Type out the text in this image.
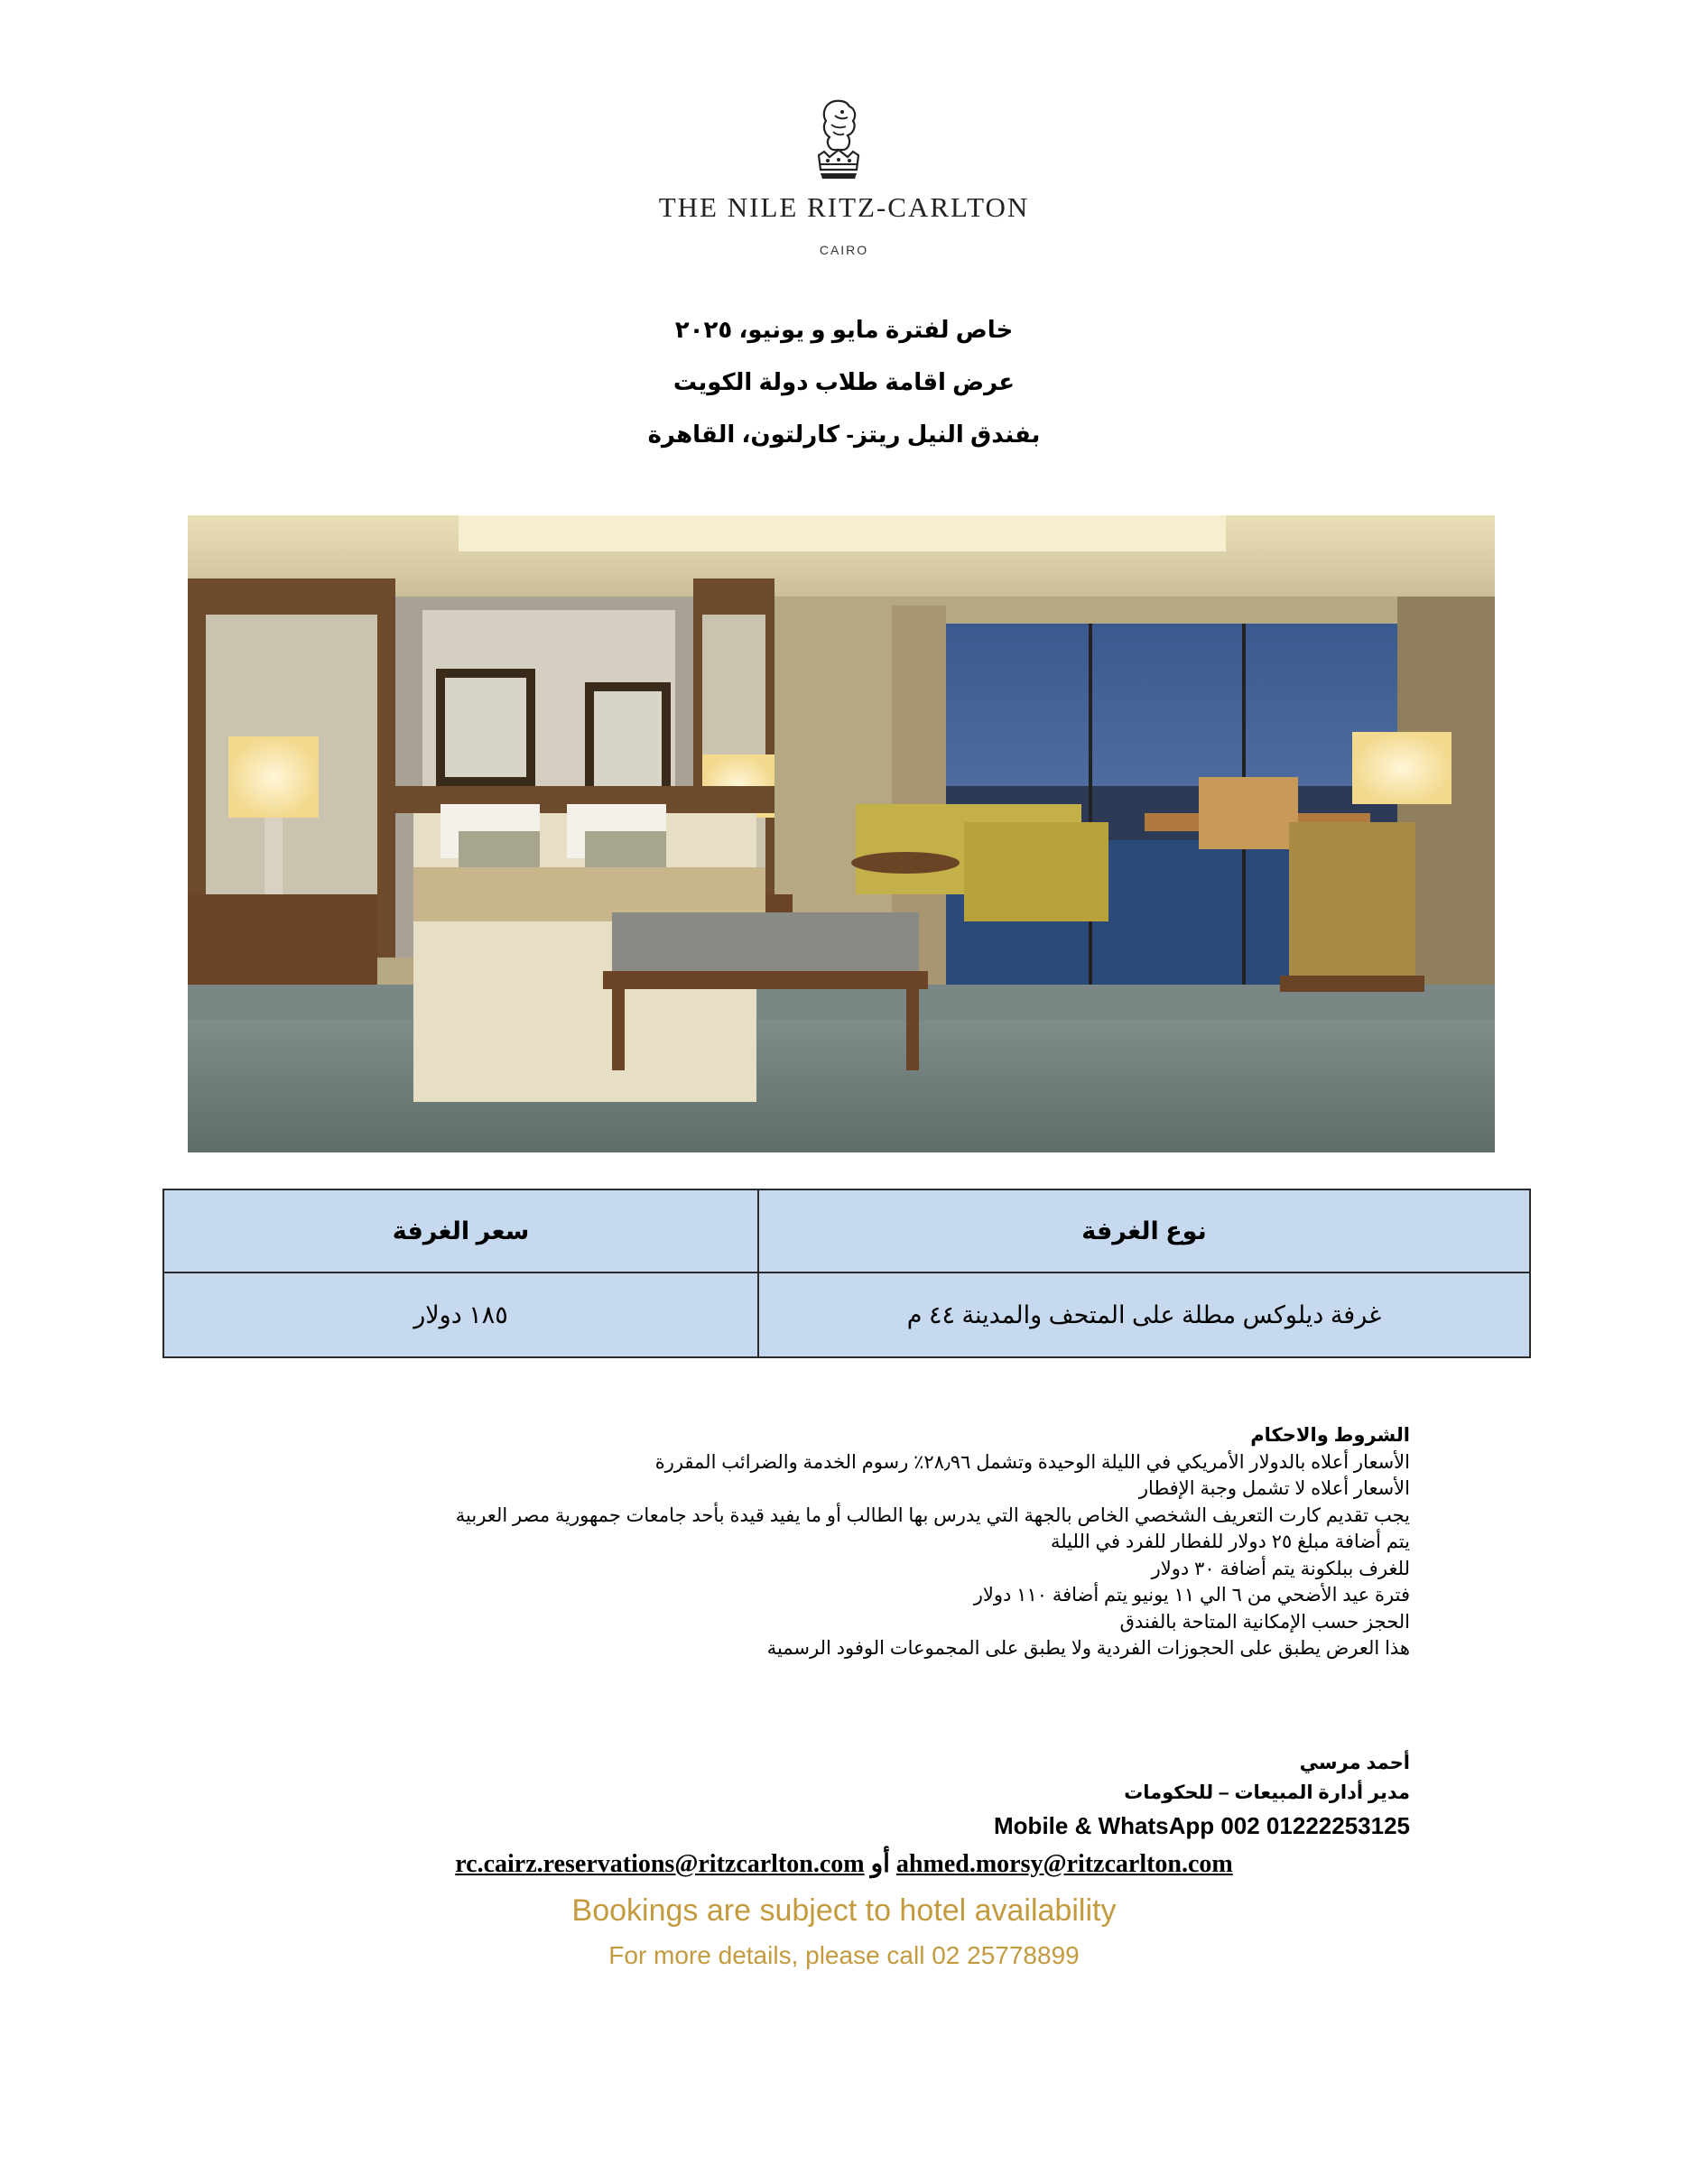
THE NILE RITZ-CARLTON
CAIRO
خاص لفترة مايو و يونيو، ٢٠٢٥
عرض اقامة طلاب دولة الكويت
بفندق النيل ريتز- كارلتون، القاهرة
نوع الغرفة	سعر الغرفة
غرفة ديلوكس مطلة على المتحف والمدينة ٤٤ م	١٨٥ دولار
الشروط والاحكام
الأسعار أعلاه بالدولار الأمريكي في الليلة الوحيدة وتشمل ٢٨٫٩٦٪ رسوم الخدمة والضرائب المقررة
الأسعار أعلاه لا تشمل وجبة الإفطار
يجب تقديم كارت التعريف الشخصي الخاص بالجهة التي يدرس بها الطالب أو ما يفيد قيدة بأحد جامعات جمهورية مصر العربية
يتم أضافة مبلغ ٢٥ دولار للفطار للفرد في الليلة
للغرف ببلكونة يتم أضافة ٣٠ دولار
فترة عيد الأضحي من ٦ الي ١١ يونيو يتم أضافة ١١٠ دولار
الحجز حسب الإمكانية المتاحة بالفندق
هذا العرض يطبق على الحجوزات الفردية ولا يطبق على المجموعات الوفود الرسمية
أحمد مرسي
مدير أدارة المبيعات – للحكومات
Mobile & WhatsApp 002 01222253125
rc.cairz.reservations@ritzcarlton.com أو ahmed.morsy@ritzcarlton.com
Bookings are subject to hotel availability
For more details, please call 02 25778899
